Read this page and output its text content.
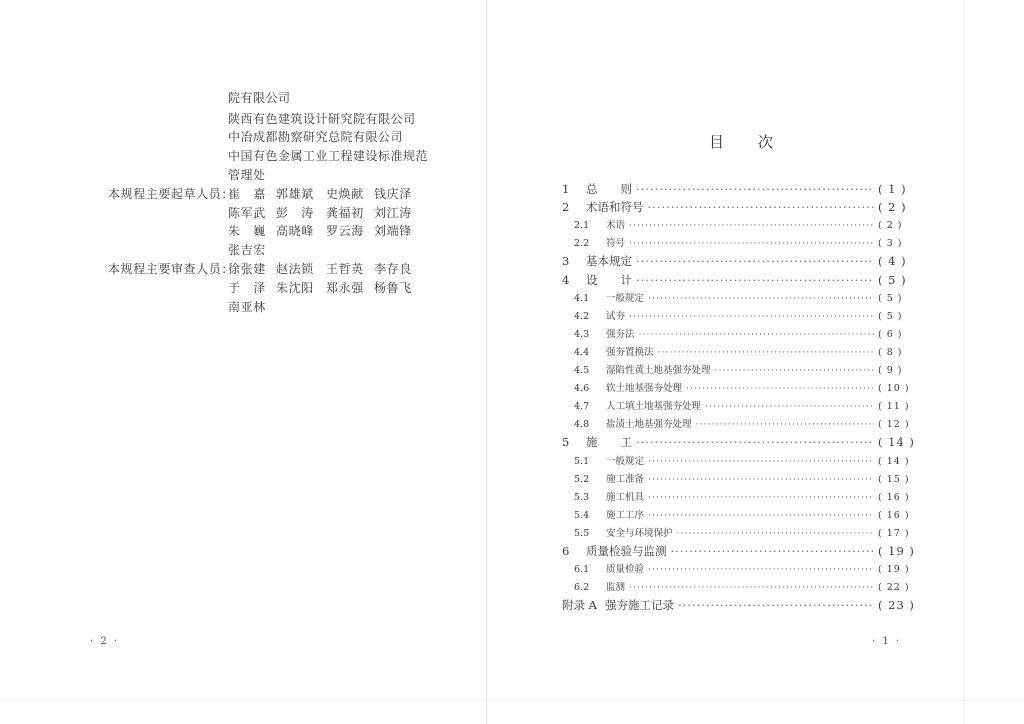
院有限公司
陕西有色建筑设计研究院有限公司
中冶成都勘察研究总院有限公司
中国有色金属工业工程建设标准规范
管理处
本规程主要起草人员：
崔　嘉 郭雄斌 史焕献 钱庆泽
陈军武 彭　涛 龚福初 刘江涛
朱　巍 高晓峰 罗云海 刘端锋
张吉宏
本规程主要审查人员：
徐张建 赵法锁 王哲英 李存良
于　泽 朱沈阳 郑永强 杨鲁飞
南亚林
· 2 ·
目次
1	总　　则 ·····	( 1 )
2	术语和符号 ·····	( 2 )
2.1	术语 ·····	( 2 )
2.2	符号 ·····	( 3 )
3	基本规定 ·····	( 4 )
4	设　　计 ·····	( 5 )
4.1	一般规定 ·····	( 5 )
4.2	试夯 ·····	( 5 )
4.3	强夯法 ·····	( 6 )
4.4	强夯置换法 ·····	( 8 )
4.5	湿陷性黄土地基强夯处理 ·····	( 9 )
4.6	软土地基强夯处理 ·····	( 10 )
4.7	人工填土地基强夯处理 ·····	( 11 )
4.8	盐渍土地基强夯处理 ·····	( 12 )
5	施　　工 ·····	( 14 )
5.1	一般规定 ·····	( 14 )
5.2	施工准备 ·····	( 15 )
5.3	施工机具 ·····	( 16 )
5.4	施工工序 ·····	( 16 )
5.5	安全与环境保护 ·····	( 17 )
6	质量检验与监测 ·····	( 19 )
6.1	质量检验 ·····	( 19 )
6.2	监测 ·····	( 22 )
附录 A 强夯施工记录 ·····	( 23 )
· 1 ·
